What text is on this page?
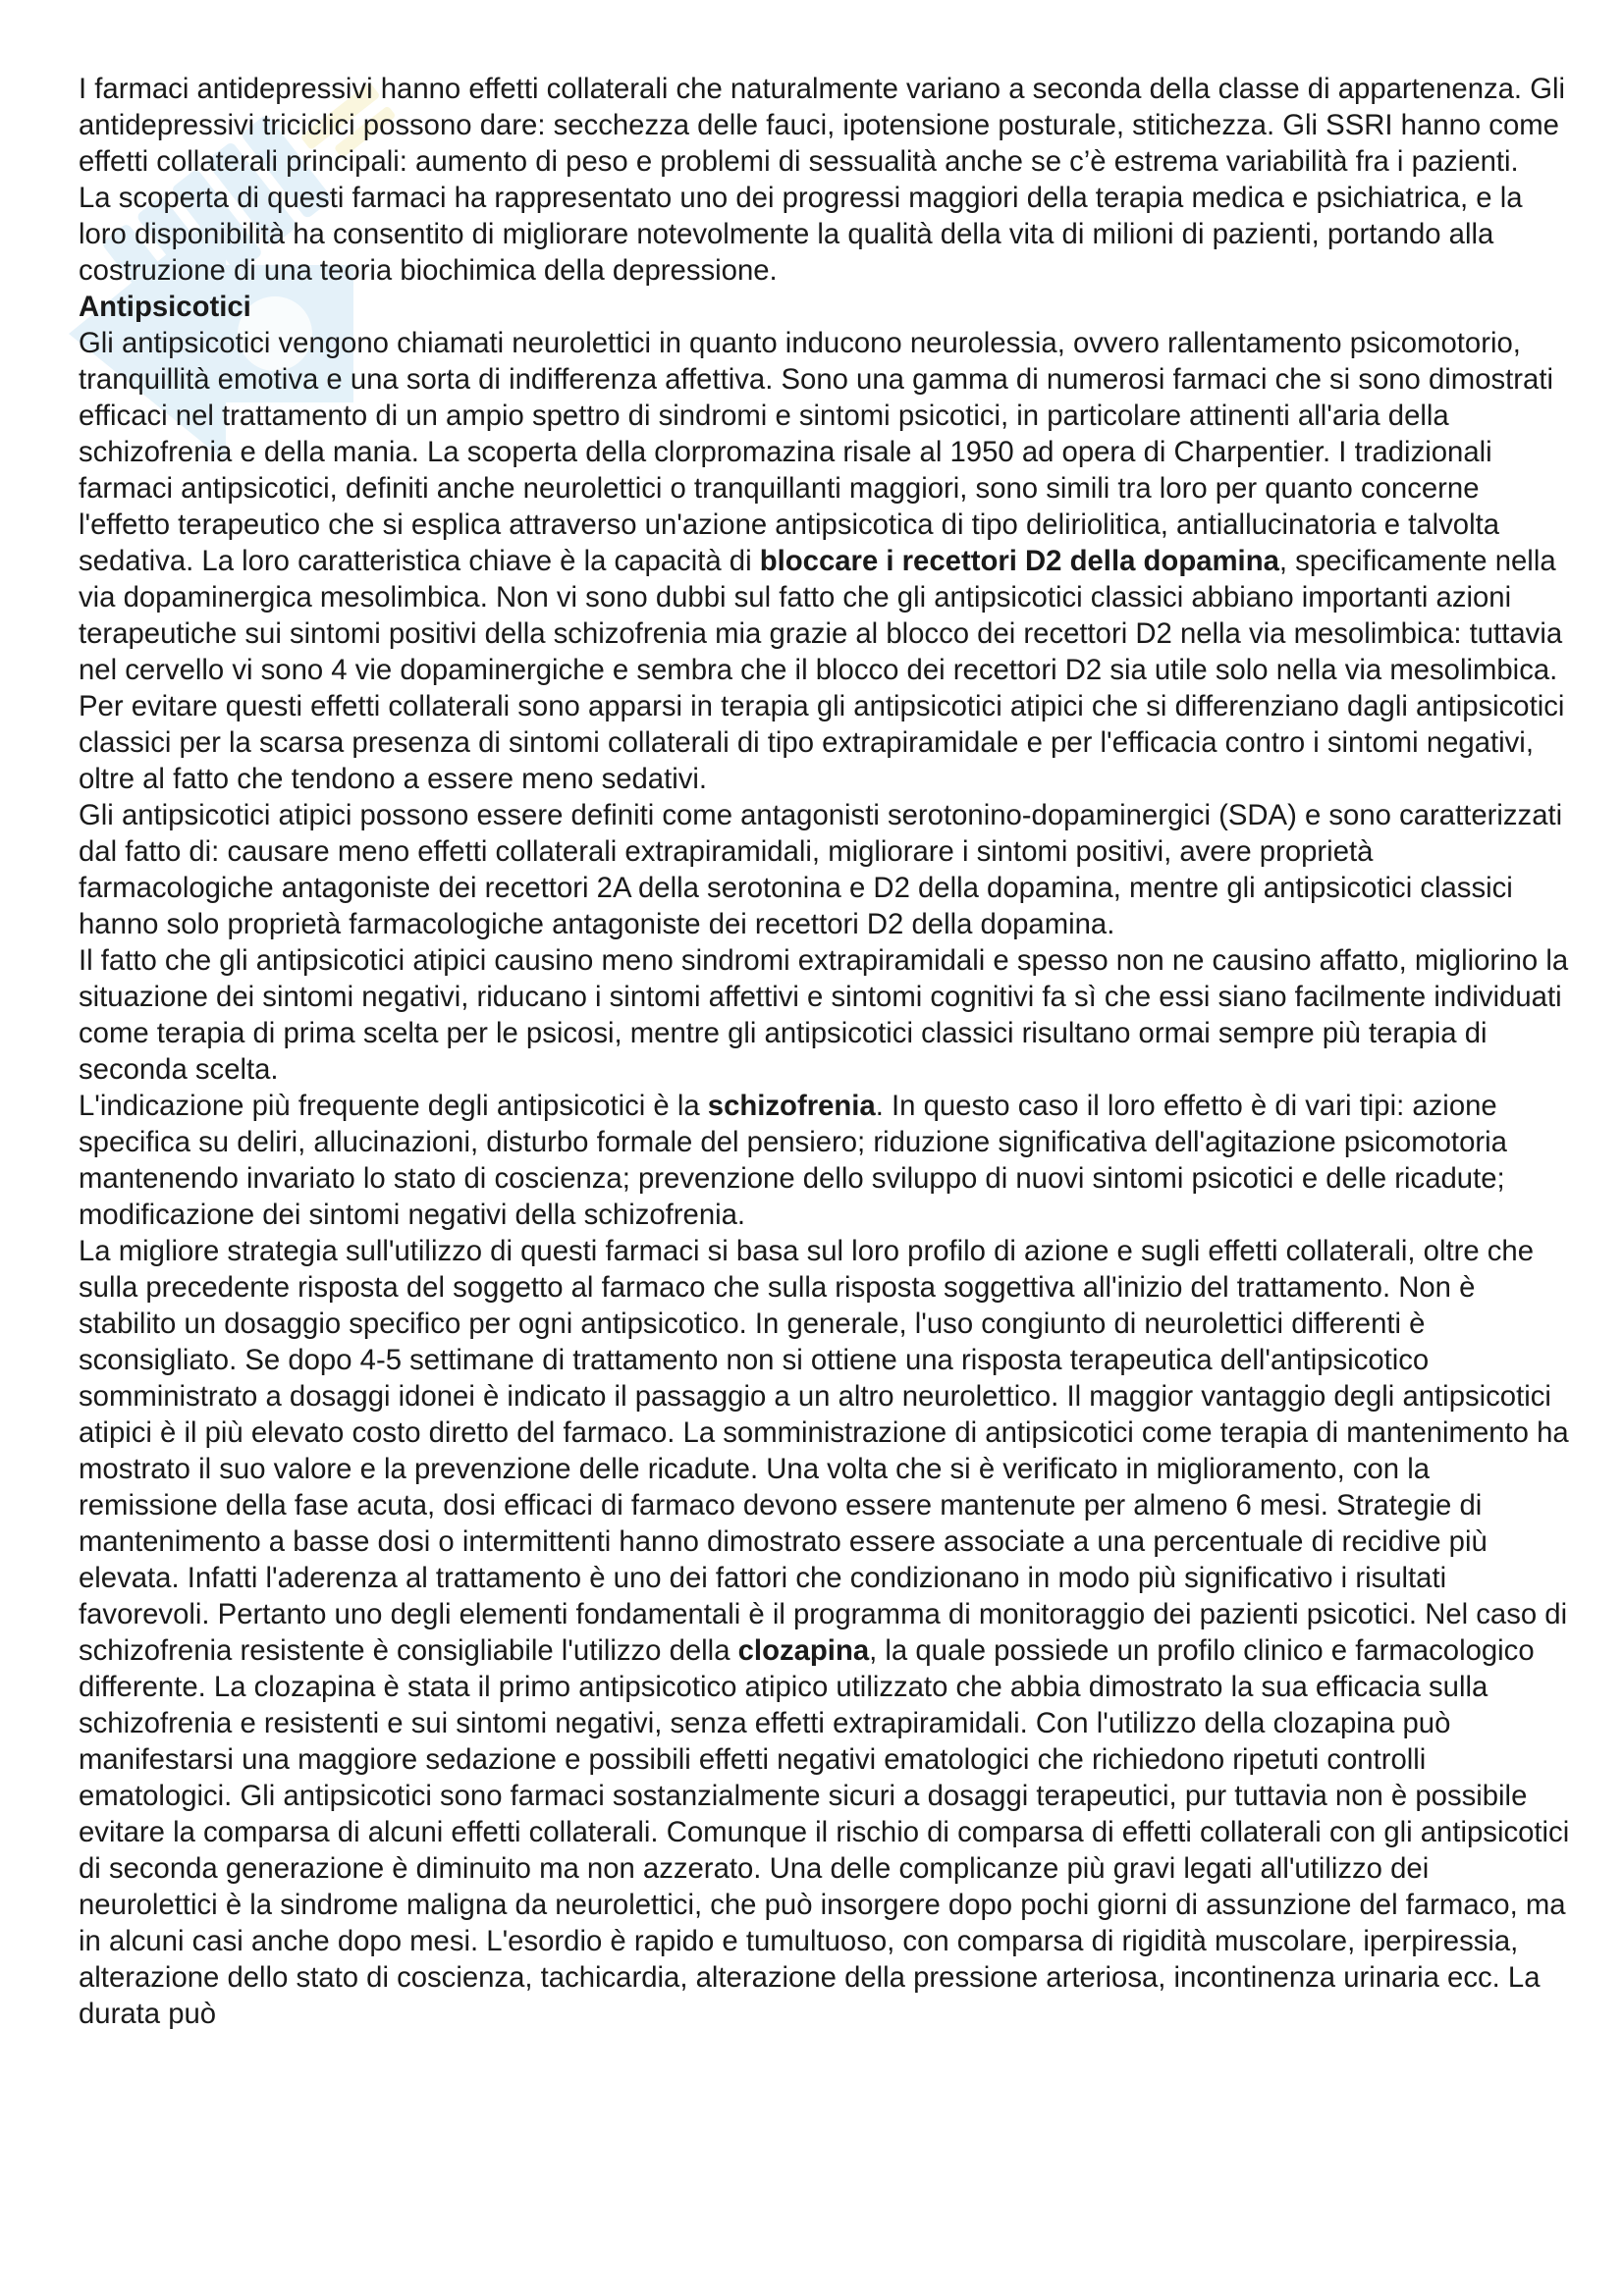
I farmaci antidepressivi hanno effetti collaterali che naturalmente variano a seconda della classe di appartenenza. Gli antidepressivi triciclici possono dare: secchezza delle fauci, ipotensione posturale, stitichezza. Gli SSRI hanno come effetti collaterali principali: aumento di peso e problemi di sessualità anche se c’è estrema variabilità fra i pazienti.

La scoperta di questi farmaci ha rappresentato uno dei progressi maggiori della terapia medica e psichiatrica, e la loro disponibilità ha consentito di migliorare notevolmente la qualità della vita di milioni di pazienti, portando alla costruzione di una teoria biochimica della depressione.

Antipsicotici

Gli antipsicotici vengono chiamati neurolettici in quanto inducono neurolessia, ovvero rallentamento psicomotorio, tranquillità emotiva e una sorta di indifferenza affettiva. Sono una gamma di numerosi farmaci che si sono dimostrati efficaci nel trattamento di un ampio spettro di sindromi e sintomi psicotici, in particolare attinenti all'aria della schizofrenia e della mania. La scoperta della clorpromazina risale al 1950 ad opera di Charpentier. I tradizionali farmaci antipsicotici, definiti anche neurolettici o tranquillanti maggiori, sono simili tra loro per quanto concerne l'effetto terapeutico che si esplica attraverso un'azione antipsicotica di tipo deliriolitica, antiallucinatoria e talvolta sedativa. La loro caratteristica chiave è la capacità di bloccare i recettori D2 della dopamina, specificamente nella via dopaminergica mesolimbica. Non vi sono dubbi sul fatto che gli antipsicotici classici abbiano importanti azioni terapeutiche sui sintomi positivi della schizofrenia mia grazie al blocco dei recettori D2 nella via mesolimbica: tuttavia nel cervello vi sono 4 vie dopaminergiche e sembra che il blocco dei recettori D2 sia utile solo nella via mesolimbica.

Per evitare questi effetti collaterali sono apparsi in terapia gli antipsicotici atipici che si differenziano dagli antipsicotici classici per la scarsa presenza di sintomi collaterali di tipo extrapiramidale e per l'efficacia contro i sintomi negativi, oltre al fatto che tendono a essere meno sedativi.

Gli antipsicotici atipici possono essere definiti come antagonisti serotonino-dopaminergici (SDA) e sono caratterizzati dal fatto di: causare meno effetti collaterali extrapiramidali, migliorare i sintomi positivi, avere proprietà farmacologiche antagoniste dei recettori 2A della serotonina e D2 della dopamina, mentre gli antipsicotici classici hanno solo proprietà farmacologiche antagoniste dei recettori D2 della dopamina.

Il fatto che gli antipsicotici atipici causino meno sindromi extrapiramidali e spesso non ne causino affatto, migliorino la situazione dei sintomi negativi, riducano i sintomi affettivi e sintomi cognitivi fa sì che essi siano facilmente individuati come terapia di prima scelta per le psicosi, mentre gli antipsicotici classici risultano ormai sempre più terapia di seconda scelta.

L'indicazione più frequente degli antipsicotici è la schizofrenia. In questo caso il loro effetto è di vari tipi: azione specifica su deliri, allucinazioni, disturbo formale del pensiero; riduzione significativa dell'agitazione psicomotoria mantenendo invariato lo stato di coscienza; prevenzione dello sviluppo di nuovi sintomi psicotici e delle ricadute; modificazione dei sintomi negativi della schizofrenia.

La migliore strategia sull'utilizzo di questi farmaci si basa sul loro profilo di azione e sugli effetti collaterali, oltre che sulla precedente risposta del soggetto al farmaco che sulla risposta soggettiva all'inizio del trattamento. Non è stabilito un dosaggio specifico per ogni antipsicotico. In generale, l'uso congiunto di neurolettici differenti è sconsigliato. Se dopo 4-5 settimane di trattamento non si ottiene una risposta terapeutica dell'antipsicotico somministrato a dosaggi idonei è indicato il passaggio a un altro neurolettico. Il maggior vantaggio degli antipsicotici atipici è il più elevato costo diretto del farmaco. La somministrazione di antipsicotici come terapia di mantenimento ha mostrato il suo valore e la prevenzione delle ricadute. Una volta che si è verificato in miglioramento, con la remissione della fase acuta, dosi efficaci di farmaco devono essere mantenute per almeno 6 mesi. Strategie di mantenimento a basse dosi o intermittenti hanno dimostrato essere associate a una percentuale di recidive più elevata. Infatti l'aderenza al trattamento è uno dei fattori che condizionano in modo più significativo i risultati favorevoli. Pertanto uno degli elementi fondamentali è il programma di monitoraggio dei pazienti psicotici. Nel caso di schizofrenia resistente è consigliabile l'utilizzo della clozapina, la quale possiede un profilo clinico e farmacologico differente. La clozapina è stata il primo antipsicotico atipico utilizzato che abbia dimostrato la sua efficacia sulla schizofrenia e resistenti e sui sintomi negativi, senza effetti extrapiramidali. Con l'utilizzo della clozapina può manifestarsi una maggiore sedazione e possibili effetti negativi ematologici che richiedono ripetuti controlli ematologici. Gli antipsicotici sono farmaci sostanzialmente sicuri a dosaggi terapeutici, pur tuttavia non è possibile evitare la comparsa di alcuni effetti collaterali. Comunque il rischio di comparsa di effetti collaterali con gli antipsicotici di seconda generazione è diminuito ma non azzerato. Una delle complicanze più gravi legati all'utilizzo dei neurolettici è la sindrome maligna da neurolettici, che può insorgere dopo pochi giorni di assunzione del farmaco, ma in alcuni casi anche dopo mesi. L'esordio è rapido e tumultuoso, con comparsa di rigidità muscolare, iperpiressia, alterazione dello stato di coscienza, tachicardia, alterazione della pressione arteriosa, incontinenza urinaria ecc. La durata può
